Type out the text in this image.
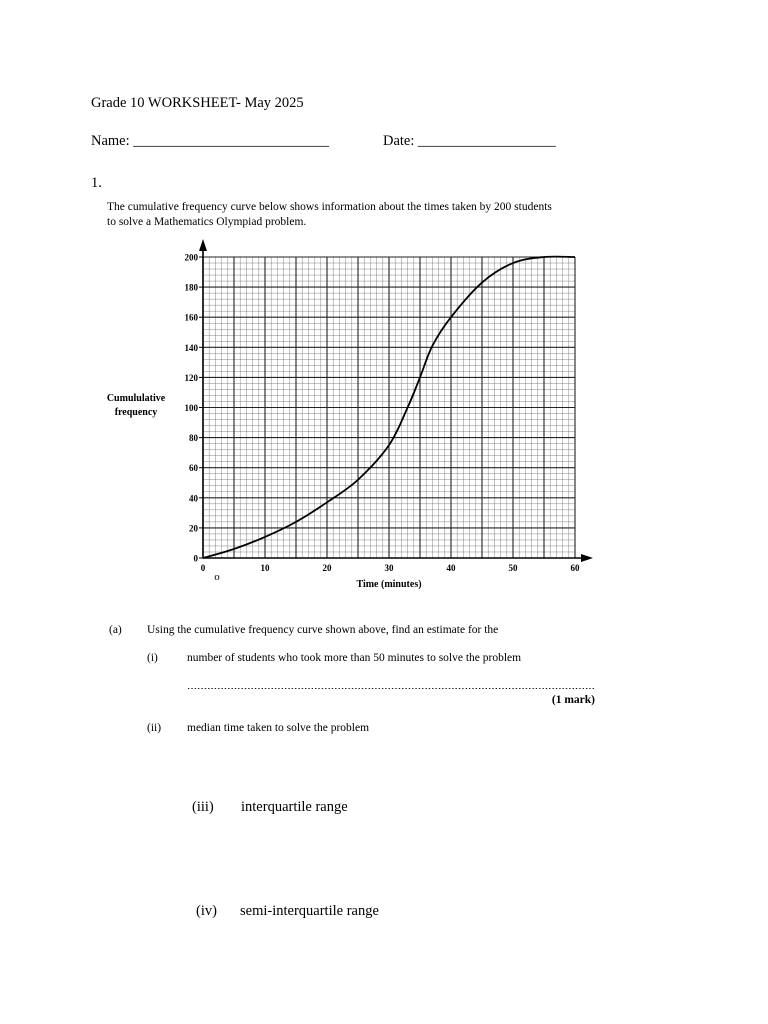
Grade 10 WORKSHEET- May 2025
Name: ___________________________	Date: ___________________
1.
The cumulative frequency curve below shows information about the times taken by 200 students
to solve a Mathematics Olympiad problem.
0
20
40
60
80
100
120
140
160
180
200
0	10	20	30	40	50	60
Cumululative
frequency
Time (minutes)
o
(a) Using the cumulative frequency curve shown above, find an estimate for the
(i)	number of students who took more than 50 minutes to solve the problem
..........................................................................................................................
(1 mark)
(ii) median time taken to solve the problem
(iii) interquartile range
(iv) semi-interquartile range
